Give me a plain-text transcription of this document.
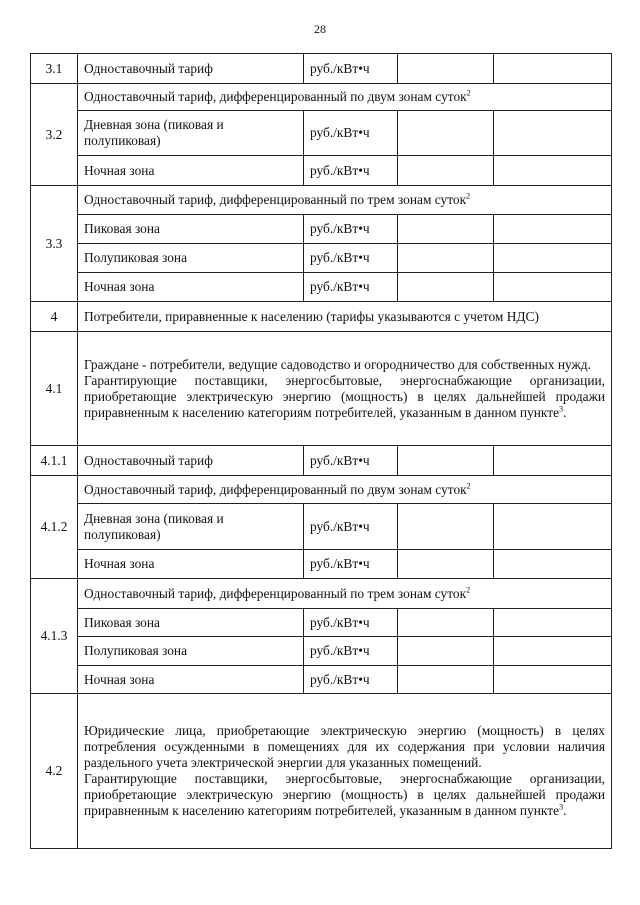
28
3.1	Одноставочный тариф	руб./кВт•ч		
3.2	Одноставочный тариф, дифференцированный по двум зонам суток$^2$
	Дневная зона (пиковая и полупиковая)	руб./кВт•ч		
	Ночная зона	руб./кВт•ч		
3.3	Одноставочный тариф, дифференцированный по трем зонам суток$^2$
	Пиковая зона	руб./кВт•ч		
	Полупиковая зона	руб./кВт•ч		
	Ночная зона	руб./кВт•ч		
4	Потребители, приравненные к населению (тарифы указываются с учетом НДС)			
4.1	Граждане - потребители, ведущие садоводство и огородничество для собственных нужд.
Гарантирующие поставщики, энергосбытовые, энергоснабжающие организации, приобретающие электрическую энергию (мощность) в целях дальнейшей продажи приравненным к населению категориям потребителей, указанным в данном пункте$^3$.			

4.1.1	Одноставочный тариф	руб./кВт•ч		
4.1.2	Одноставочный тариф, дифференцированный по двум зонам суток$^2$
	Дневная зона (пиковая и полупиковая)	руб./кВт•ч		
	Ночная зона	руб./кВт•ч		
4.1.3	Одноставочный тариф, дифференцированный по трем зонам суток$^2$
	Пиковая зона	руб./кВт•ч		
	Полупиковая зона	руб./кВт•ч		
	Ночная зона	руб./кВт•ч		
4.2	Юридические лица, приобретающие электрическую энергию (мощность) в целях потребления осужденными в помещениях для их содержания при условии наличия раздельного учета электрической энергии для указанных помещений.
Гарантирующие поставщики, энергосбытовые, энергоснабжающие организации, приобретающие электрическую энергию (мощность) в целях дальнейшей продажи приравненным к населению категориям потребителей, указанным в данном пункте$^3$.			
